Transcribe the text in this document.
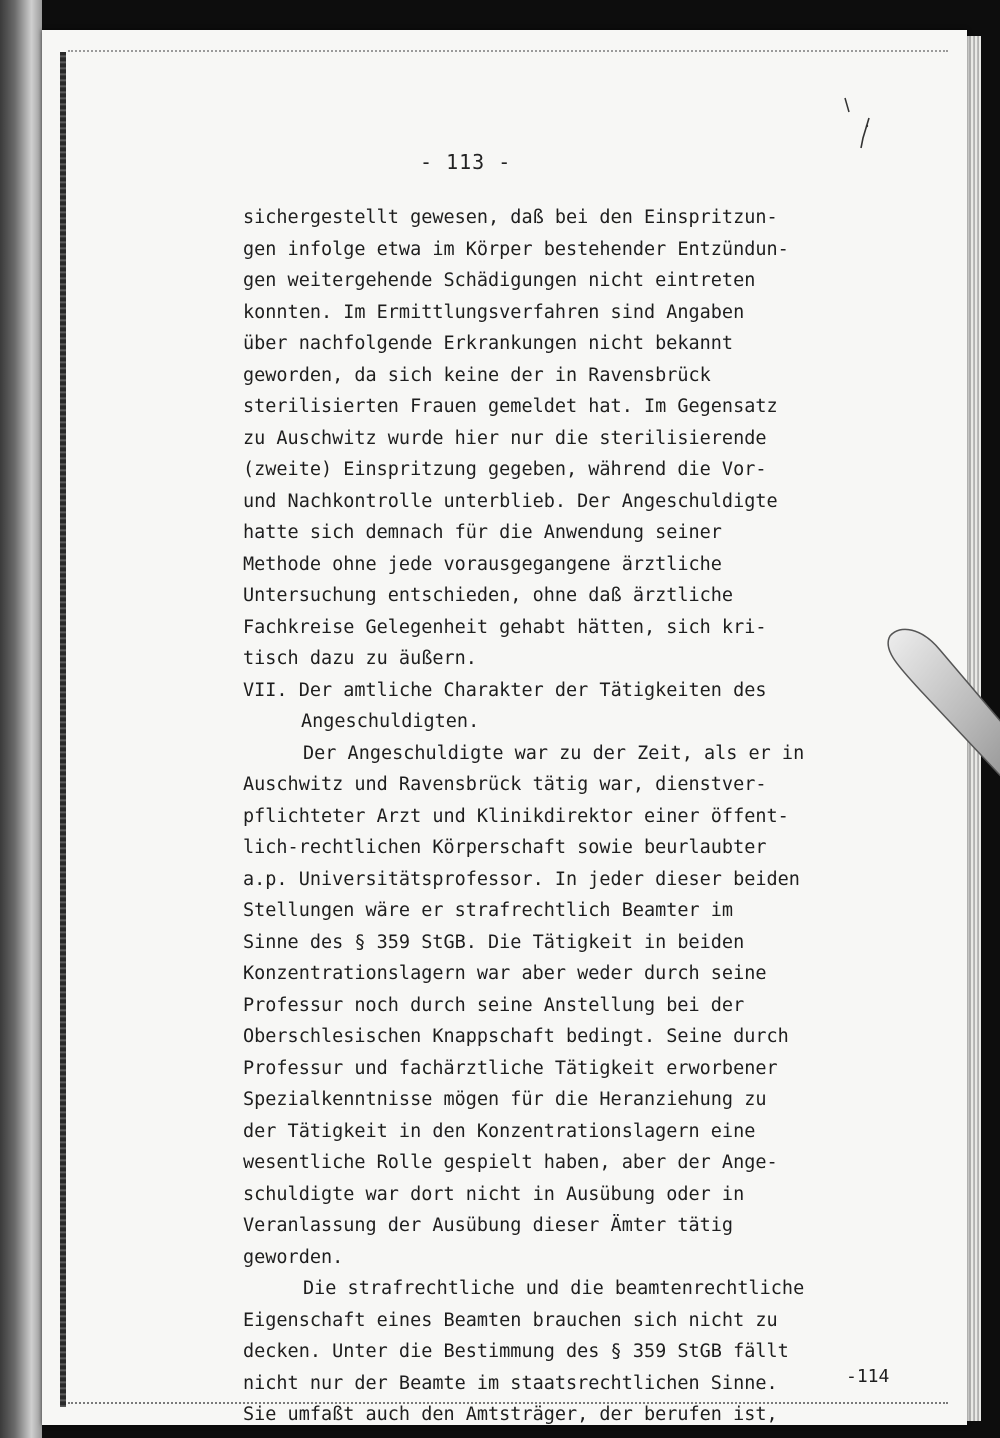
- 113 -
sichergestellt gewesen, daß bei den Einspritzun-
gen infolge etwa im Körper bestehender Entzündun-
gen weitergehende Schädigungen nicht eintreten
konnten. Im Ermittlungsverfahren sind Angaben
über nachfolgende Erkrankungen nicht bekannt
geworden, da sich keine der in Ravensbrück
sterilisierten Frauen gemeldet hat. Im Gegensatz
zu Auschwitz wurde hier nur die sterilisierende
(zweite) Einspritzung gegeben, während die Vor-
und Nachkontrolle unterblieb. Der Angeschuldigte
hatte sich demnach für die Anwendung seiner
Methode ohne jede vorausgegangene ärztliche
Untersuchung entschieden, ohne daß ärztliche
Fachkreise Gelegenheit gehabt hätten, sich kri-
tisch dazu zu äußern.
VII. Der amtliche Charakter der Tätigkeiten des
Angeschuldigten.
Der Angeschuldigte war zu der Zeit, als er in
Auschwitz und Ravensbrück tätig war, dienstver-
pflichteter Arzt und Klinikdirektor einer öffent-
lich-rechtlichen Körperschaft sowie beurlaubter
a.p. Universitätsprofessor. In jeder dieser beiden
Stellungen wäre er strafrechtlich Beamter im
Sinne des § 359 StGB. Die Tätigkeit in beiden
Konzentrationslagern war aber weder durch seine
Professur noch durch seine Anstellung bei der
Oberschlesischen Knappschaft bedingt. Seine durch
Professur und fachärztliche Tätigkeit erworbener
Spezialkenntnisse mögen für die Heranziehung zu
der Tätigkeit in den Konzentrationslagern eine
wesentliche Rolle gespielt haben, aber der Ange-
schuldigte war dort nicht in Ausübung oder in
Veranlassung der Ausübung dieser Ämter tätig
geworden.
Die strafrechtliche und die beamtenrechtliche
Eigenschaft eines Beamten brauchen sich nicht zu
decken. Unter die Bestimmung des § 359 StGB fällt
nicht nur der Beamte im staatsrechtlichen Sinne.
Sie umfaßt auch den Amtsträger, der berufen ist,
-114
